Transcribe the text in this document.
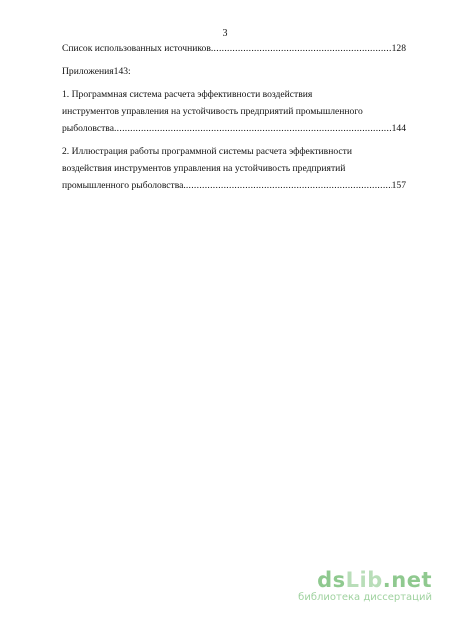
3
Список использованных источников .....	128
Приложения143:
1. Программная система расчета эффективности воздействия
инструментов управления на устойчивость предприятий промышленного
рыболовства .....	144
2. Иллюстрация работы программной системы расчета эффективности
воздействия инструментов управления на устойчивость предприятий
промышленного рыболовства. .....	157
dsLib.net
библиотека диссертаций
